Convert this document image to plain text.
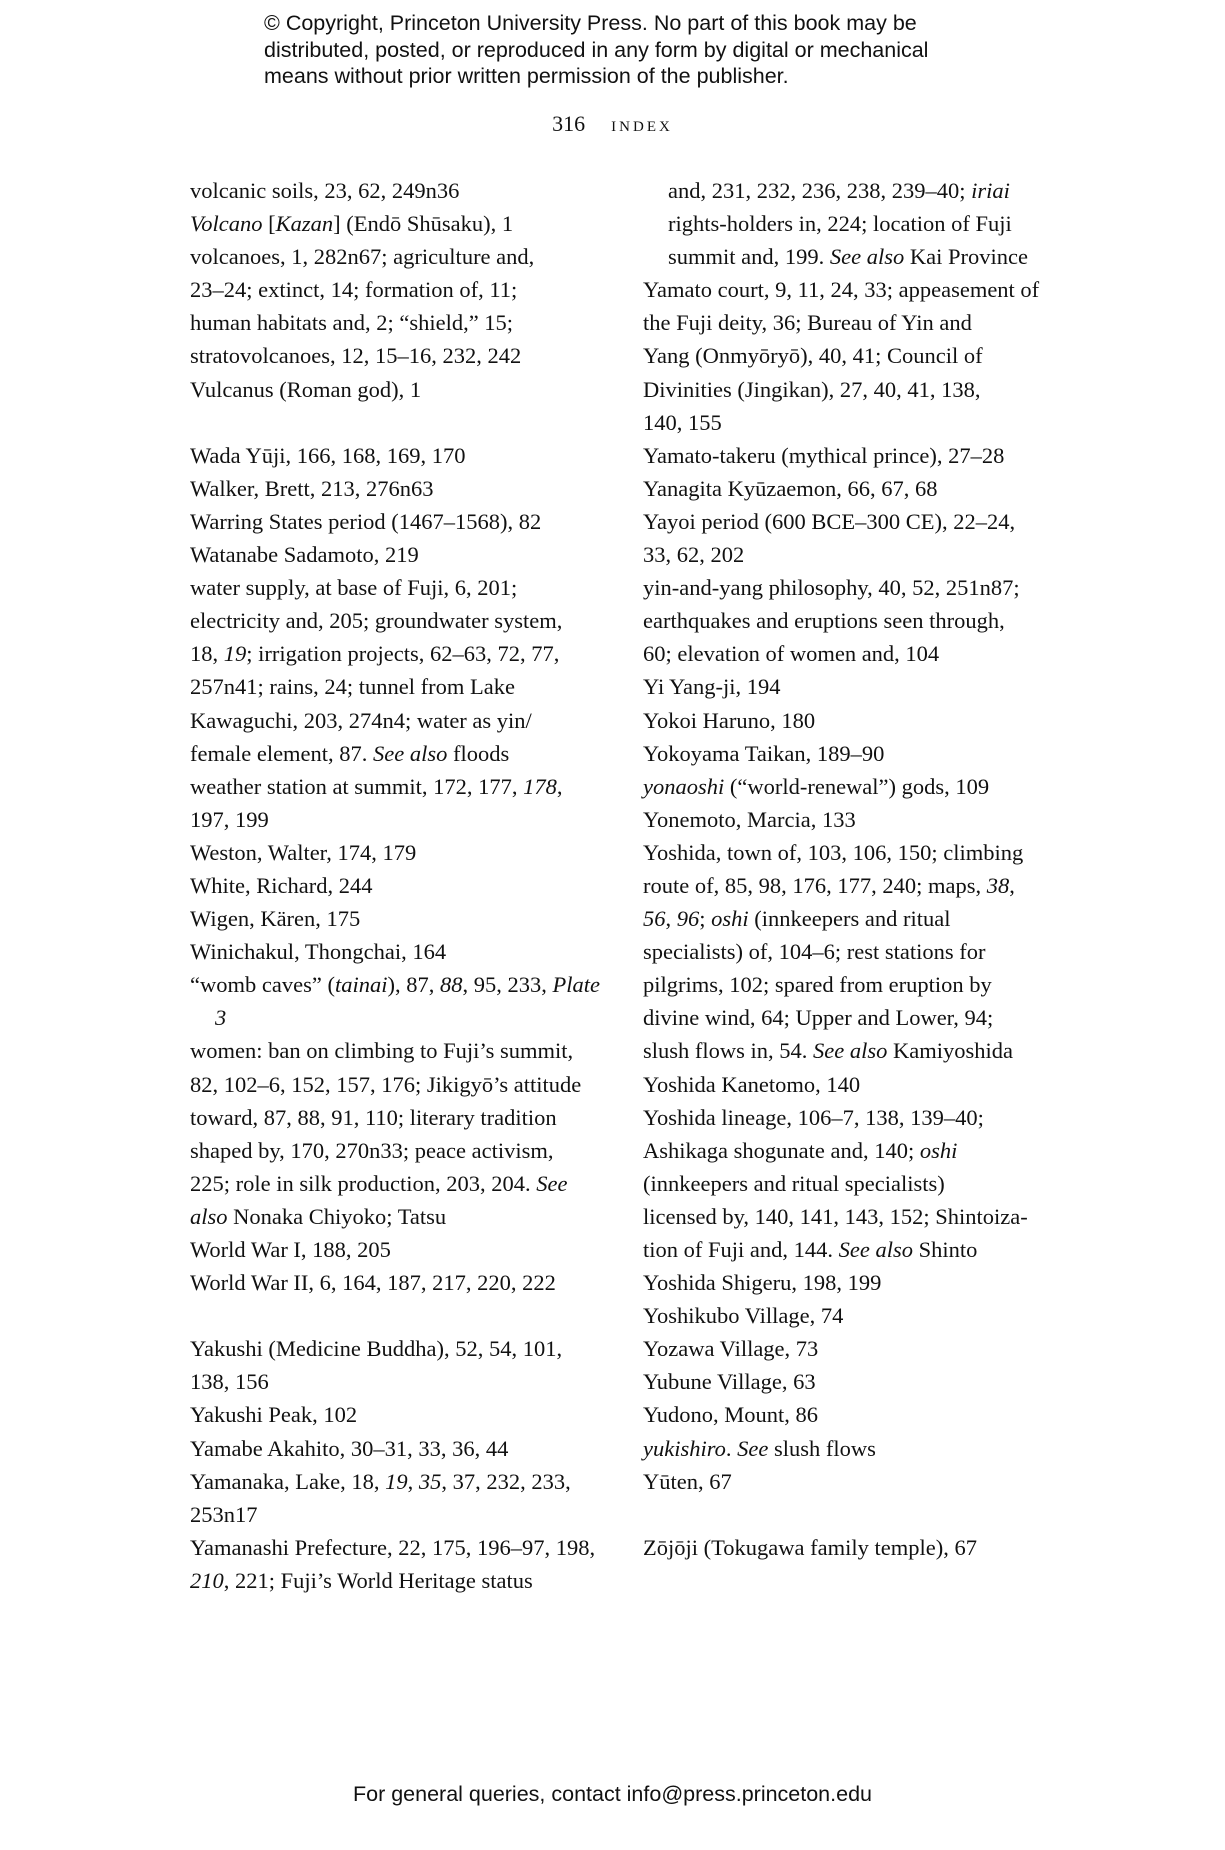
© Copyright, Princeton University Press. No part of this book may be
distributed, posted, or reproduced in any form by digital or mechanical
means without prior written permission of the publisher.
316 index
volcanic soils, 23, 62, 249n36
Volcano [Kazan] (Endō Shūsaku), 1
volcanoes, 1, 282n67; agriculture and,
23–24; extinct, 14; formation of, 11;
human habitats and, 2; “shield,” 15;
stratovolcanoes, 12, 15–16, 232, 242
Vulcanus (Roman god), 1
Wada Yūji, 166, 168, 169, 170
Walker, Brett, 213, 276n63
Warring States period (1467–1568), 82
Watanabe Sadamoto, 219
water supply, at base of Fuji, 6, 201;
electricity and, 205; groundwater system,
18, 19; irrigation projects, 62–63, 72, 77,
257n41; rains, 24; tunnel from Lake
Kawaguchi, 203, 274n4; water as yin/
female element, 87. See also floods
weather station at summit, 172, 177, 178,
197, 199
Weston, Walter, 174, 179
White, Richard, 244
Wigen, Kären, 175
Winichakul, Thongchai, 164
“womb caves” (tainai), 87, 88, 95, 233, Plate 3
women: ban on climbing to Fuji’s summit,
82, 102–6, 152, 157, 176; Jikigyō’s attitude
toward, 87, 88, 91, 110; literary tradition
shaped by, 170, 270n33; peace activism,
225; role in silk production, 203, 204. See
also Nonaka Chiyoko; Tatsu
World War I, 188, 205
World War II, 6, 164, 187, 217, 220, 222
Yakushi (Medicine Buddha), 52, 54, 101,
138, 156
Yakushi Peak, 102
Yamabe Akahito, 30–31, 33, 36, 44
Yamanaka, Lake, 18, 19, 35, 37, 232, 233,
253n17
Yamanashi Prefecture, 22, 175, 196–97, 198,
210, 221; Fuji’s World Heritage status
and, 231, 232, 236, 238, 239–40; iriai
rights-holders in, 224; location of Fuji
summit and, 199. See also Kai Province
Yamato court, 9, 11, 24, 33; appeasement of
the Fuji deity, 36; Bureau of Yin and
Yang (Onmyōryō), 40, 41; Council of
Divinities (Jingikan), 27, 40, 41, 138,
140, 155
Yamato-takeru (mythical prince), 27–28
Yanagita Kyūzaemon, 66, 67, 68
Yayoi period (600 BCE–300 CE), 22–24,
33, 62, 202
yin-and-yang philosophy, 40, 52, 251n87;
earthquakes and eruptions seen through,
60; elevation of women and, 104
Yi Yang-ji, 194
Yokoi Haruno, 180
Yokoyama Taikan, 189–90
yonaoshi (“world-renewal”) gods, 109
Yonemoto, Marcia, 133
Yoshida, town of, 103, 106, 150; climbing
route of, 85, 98, 176, 177, 240; maps, 38,
56, 96; oshi (innkeepers and ritual
specialists) of, 104–6; rest stations for
pilgrims, 102; spared from eruption by
divine wind, 64; Upper and Lower, 94;
slush flows in, 54. See also Kamiyoshida
Yoshida Kanetomo, 140
Yoshida lineage, 106–7, 138, 139–40;
Ashikaga shogunate and, 140; oshi
(innkeepers and ritual specialists)
licensed by, 140, 141, 143, 152; Shintoiza-
tion of Fuji and, 144. See also Shinto
Yoshida Shigeru, 198, 199
Yoshikubo Village, 74
Yozawa Village, 73
Yubune Village, 63
Yudono, Mount, 86
yukishiro. See slush flows
Yūten, 67
Zōjōji (Tokugawa family temple), 67
For general queries, contact info@press.princeton.edu
